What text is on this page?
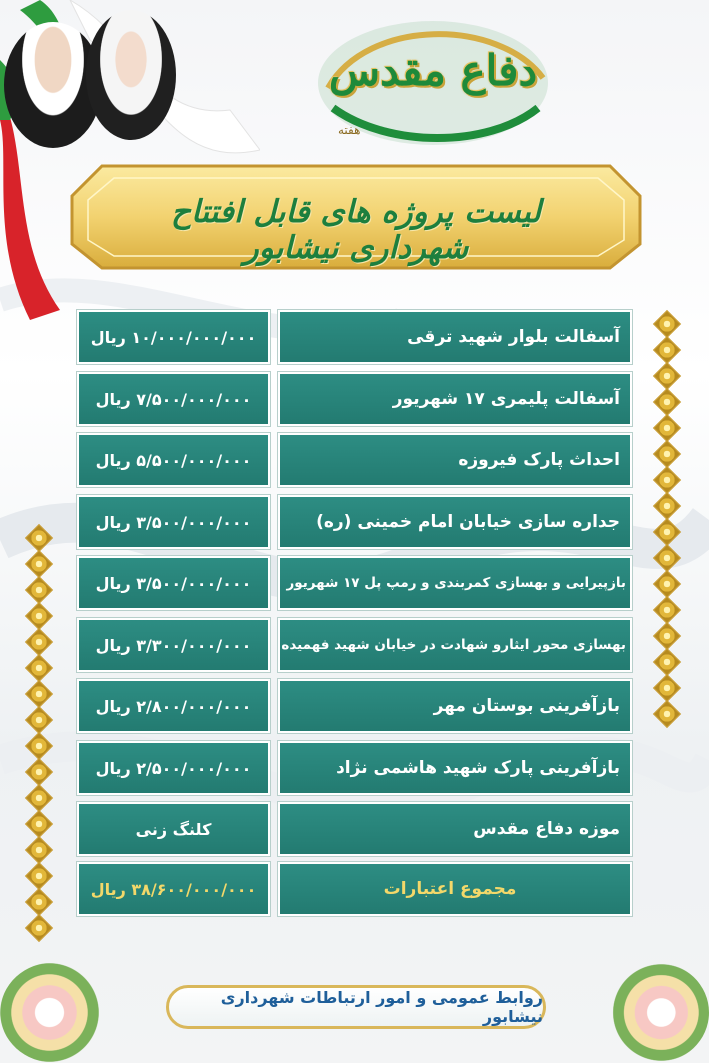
دفاع مقدس
هفته
لیست پروژه های قابل افتتاح شهرداری نیشابور
آسفالت بلوار شهید ترقی
۱۰/۰۰۰/۰۰۰/۰۰۰ ریال
آسفالت پلیمری ۱۷ شهریور
۷/۵۰۰/۰۰۰/۰۰۰ ریال
احداث پارک فیروزه
۵/۵۰۰/۰۰۰/۰۰۰ ریال
جداره سازی خیابان امام خمینی (ره)
۳/۵۰۰/۰۰۰/۰۰۰ ریال
بازپیرایی و بهسازی کمربندی و رمپ پل ۱۷ شهریور
۳/۵۰۰/۰۰۰/۰۰۰ ریال
بهسازی محور ایثارو شهادت در خیابان شهید فهمیده
۳/۳۰۰/۰۰۰/۰۰۰ ریال
بازآفرینی بوستان مهر
۲/۸۰۰/۰۰۰/۰۰۰ ریال
بازآفرینی پارک شهید هاشمی نژاد
۲/۵۰۰/۰۰۰/۰۰۰ ریال
موزه دفاع مقدس
کلنگ زنی
مجموع اعتبارات
۳۸/۶۰۰/۰۰۰/۰۰۰ ریال
روابط عمومی و امور ارتباطات شهرداری نیشابور
